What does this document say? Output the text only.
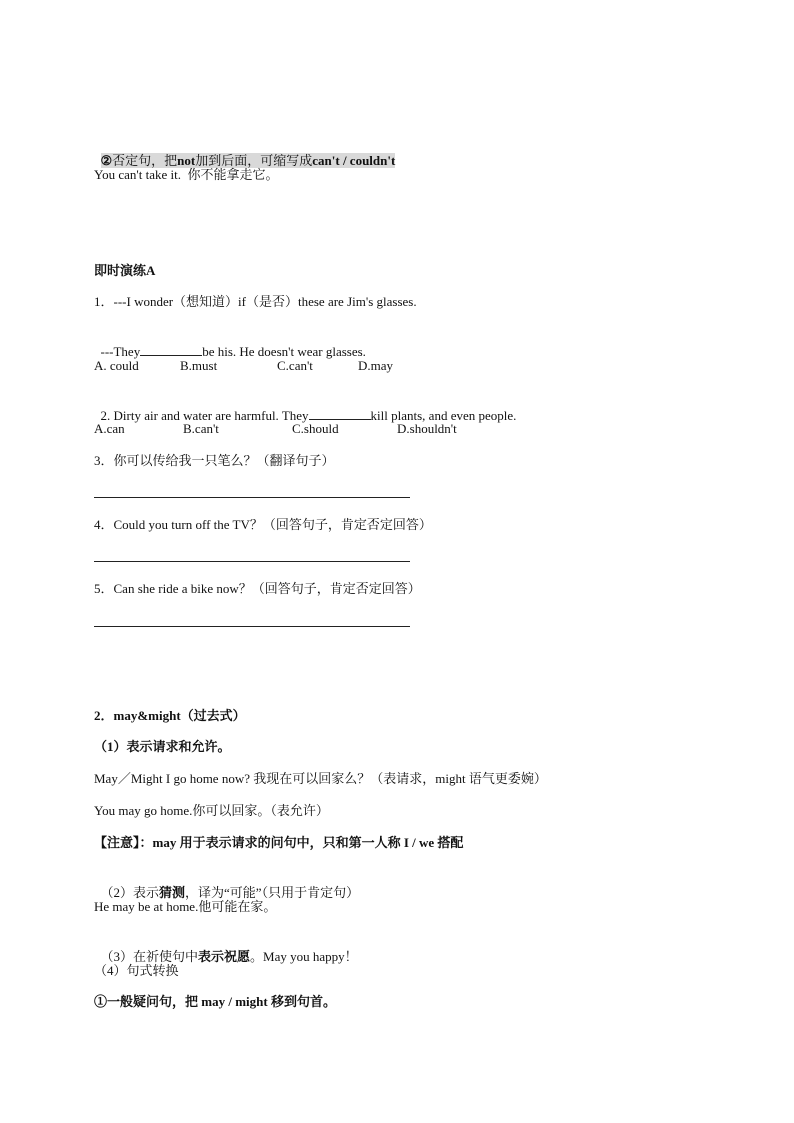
②否定句，把not加到后面，可缩写成can't / couldn't

You can't take it.  你不能拿走它。
即时演练A
1．---I wonder（想知道）if（是否）these are Jim's glasses.

---They	be his. He doesn't wear glasses.

A. could	B.must	C.can't	D.may

2. Dirty air and water are harmful. They	kill plants, and even people.

A.can	B.can't	C.should	D.shouldn't
3．你可以传给我一只笔么？（翻译句子）
4．Could you turn off the TV？（回答句子，肯定否定回答）
5．Can she ride a bike now？（回答句子，肯定否定回答）
2．may&might（过去式）
（1）表示请求和允许。
May／Might I go home now? 我现在可以回家么？（表请求，might 语气更委婉）
You may go home.你可以回家。（表允许）
【注意】：may 用于表示请求的问句中，只和第一人称 I / we 搭配

（2）表示猜测，译为“可能”（只用于肯定句）

He may be at home.他可能在家。

（3）在祈使句中表示祝愿。May you happy！

（4）句式转换
①一般疑问句，把 may / might 移到句首。
